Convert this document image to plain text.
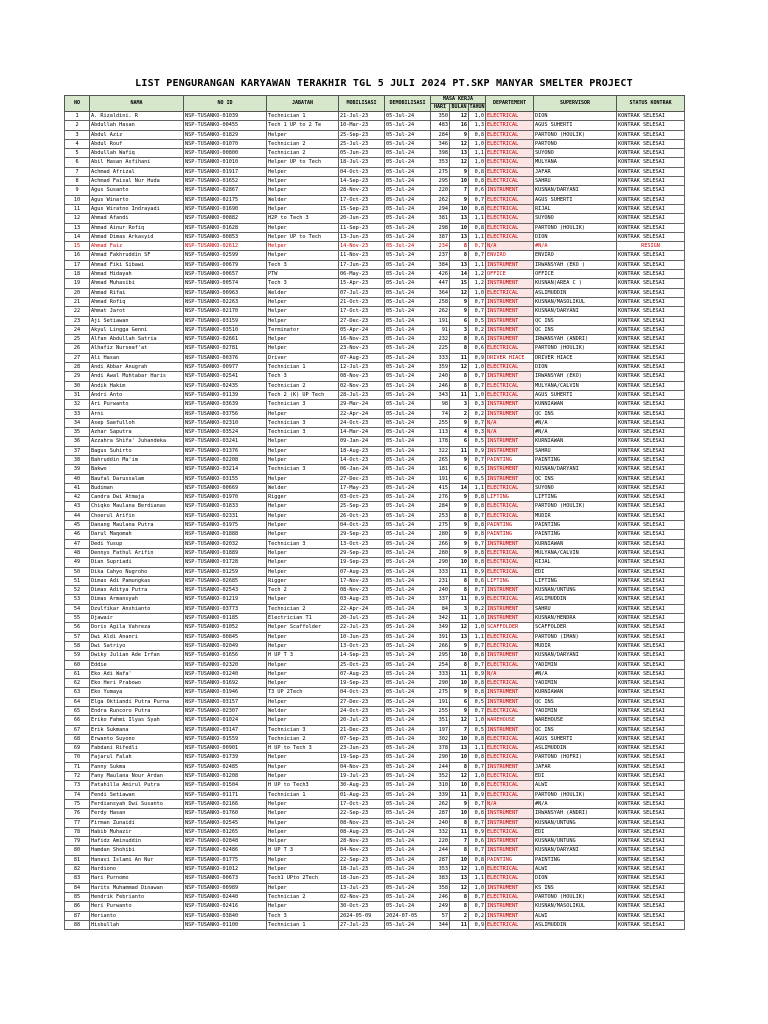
LIST PENGURANGAN KARYAWAN TERAKHIR TGL 5 JULI 2024 PT.SKP MANYAR SMELTER PROJECT
NO	NAMA	NO ID	JABATAN	MOBILISASI	DEMOBILISASI	MASA KERJA			DEPARTEMENT	SUPERVISOR	STATUS KONTRAK
						HARI	BULAN	TAHUN			
1	A. Rizaldini. R	NSP-TUSANKO-01039	Technician 1	21-Jul-23	05-Jul-24	350	12	1,0	ELECTRICAL	DION	KONTRAK SELESAI
2	Abdullah Hasan	NSP-TUSANKO-00455	Tech 1 UP to 2 Te	10-Mar-23	05-Jul-24	483	16	1,3	ELECTRICAL	AGUS SUHERTI	KONTRAK SELESAI
3	Abdul Aziz	NSP-TUSANKO-01829	Helper	25-Sep-23	05-Jul-24	284	9	0,8	ELECTRICAL	PARTONO (HOULIK)	KONTRAK SELESAI
4	Abdul Rouf	NSP-TUSANKO-01070	Technician 2	25-Jul-23	05-Jul-24	346	12	1,0	ELECTRICAL	PARTONO	KONTRAK SELESAI
5	Abdullah Wafiq	NSP-TUSANKO-00800	Technician 2	05-Jun-23	05-Jul-24	398	13	1,1	ELECTRICAL	SUYONO	KONTRAK SELESAI
6	Abil Hasan Asfihani	NSP-TUSANKO-01010	Helper UP to Tech	18-Jul-23	05-Jul-24	353	12	1,0	ELECTRICAL	MULYANA	KONTRAK SELESAI
7	Achmad Afrizal	NSP-TUSANKO-01917	Helper	04-Oct-23	05-Jul-24	275	9	0,8	ELECTRICAL	JAFAR	KONTRAK SELESAI
8	Achmad Faisal Nur Huda	NSP-TUSANKO-01652	Helper	14-Sep-23	05-Jul-24	295	10	0,8	ELECTRICAL	SAHRU	KONTRAK SELESAI
9	Agus Susanto	NSP-TUSANKO-02867	Helper	28-Nov-23	05-Jul-24	220	7	0,6	INSTRUMENT	KUSNAN/DARYANI	KONTRAK SELESAI
10	Agus Winarto	NSP-TUSANKO-02175	Welder	17-Oct-23	05-Jul-24	262	9	0,7	ELECTRICAL	AGUS SUHERTI	KONTRAK SELESAI
11	Agus Wiratno Indrayadi	NSP-TUSANKO-01690	Helper	15-Sep-23	05-Jul-24	294	10	0,8	ELECTRICAL	RIJAL	KONTRAK SELESAI
12	Ahmad Afandi	NSP-TUSANKO-00882	H2P to Tech 3	20-Jun-23	05-Jul-24	381	13	1,1	ELECTRICAL	SUYONO	KONTRAK SELESAI
13	Ahmad Ainur Rofiq	NSP-TUSANKO-01628	Helper	11-Sep-23	05-Jul-24	298	10	0,8	ELECTRICAL	PARTONO (HOULIK)	KONTRAK SELESAI
14	Ahmad Dimas Arkasyid	NSP-TUSANKO-00853	Helper UP to Tech	13-Jun-23	05-Jul-24	387	13	1,1	ELECTRICAL	DION	KONTRAK SELESAI
15	Ahmad Faiz	NSP-TUSANKO-02612	Helper	14-Nov-23	05-Jul-24	234	8	0,7	N/A	#N/A	RESIGN
16	Ahmad Fakhruddin SF	NSP-TUSANKO-02599	Helper	11-Nov-23	05-Jul-24	237	8	0,7	ENVIRO	ENVIRO	KONTRAK SELESAI
17	Ahmad Fiki Sibawi	NSP-TUSANKO-00679	Tech 3	17-Jun-23	05-Jul-24	384	13	1,1	INSTRUMENT	IRWANSYAH (EKO )	KONTRAK SELESAI
18	Ahmad Hidayah	NSP-TUSANKO-00657	PTW	06-May-23	05-Jul-24	426	14	1,2	OFFICE	OFFICE	KONTRAK SELESAI
19	Ahmad Muhasibi	NSP-TUSANKO-00574	Tech 3	15-Apr-23	05-Jul-24	447	15	1,2	INSTRUMENT	KUSNAN(AREA C )	KONTRAK SELESAI
20	Ahmad Rifai	NSP-TUSANKO-00963	Welder	07-Jul-23	05-Jul-24	364	12	1,0	ELECTRICAL	ASLIMUDDIN	KONTRAK SELESAI
21	Ahmad Rofiq	NSP-TUSANKO-02263	Helper	21-Oct-23	05-Jul-24	258	9	0,7	INSTRUMENT	KUSNAN/MASOLIKUL	KONTRAK SELESAI
22	Ahmat Jarot	NSP-TUSANKO-02170	Helper	17-Oct-23	05-Jul-24	262	9	0,7	INSTRUMENT	KUSNAN/DARYANI	KONTRAK SELESAI
23	Aji Setiawan	NSP-TUSANKO-03159	Helper	27-Dec-23	05-Jul-24	191	6	0,5	INSTRUMENT	QC INS	KONTRAK SELESAI
24	Akyul Lingga Genni	NSP-TUSANKO-03510	Terminator	05-Apr-24	05-Jul-24	91	3	0,2	INSTRUMENT	QC INS	KONTRAK SELESAI
25	Alfan Abdullah Satria	NSP-TUSANKO-02661	Helper	16-Nov-23	05-Jul-24	232	8	0,6	INSTRUMENT	IRWANSYAH (ANDRI)	KONTRAK SELESAI
26	Alhafiz Nurseaf'at	NSP-TUSANKO-02781	Helper	23-Nov-23	05-Jul-24	225	8	0,6	ELECTRICAL	PARTONO (HOULIK)	KONTRAK SELESAI
27	Ali Hasan	NSP-TUSANKO-00376	Driver	07-Aug-23	05-Jul-24	333	11	0,9	DRIVER HIACE	DRIVER HIACE	KONTRAK SELESAI
28	Andi Abbar Anugrah	NSP-TUSANKO-00977	Technician 1	12-Jul-23	05-Jul-24	359	12	1,0	ELECTRICAL	DION	KONTRAK SELESAI
29	Andi Awal Muhtabar Haris	NSP-TUSANKO-02541	Tech 3	08-Nov-23	05-Jul-24	240	8	0,7	INSTRUMENT	IRWANSYAH (EKO)	KONTRAK SELESAI
30	Andik Hakim	NSP-TUSANKO-02435	Technician 2	02-Nov-23	05-Jul-24	246	8	0,7	ELECTRICAL	MULYANA/CALVIN	KONTRAK SELESAI
31	Andri Anto	NSP-TUSANKO-01139	Tech 2 (K) UP Tech	28-Jul-23	05-Jul-24	343	11	1,0	ELECTRICAL	AGUS SUHERTI	KONTRAK SELESAI
32	Ari Purwanto	NSP-TUSANKO-03639	Technician 3	29-Mar-24	05-Jul-24	98	3	0,3	INSTRUMENT	KUNNIAWAN	KONTRAK SELESAI
33	Arni	NSP-TUSANKO-03756	Helper	22-Apr-24	05-Jul-24	74	2	0,2	INSTRUMENT	QC INS	KONTRAK SELESAI
34	Asep Saefulloh	NSP-TUSANKO-02310	Technician 3	24-Oct-23	05-Jul-24	255	9	0,7	N/A	#N/A	KONTRAK SELESAI
35	Azhar Saputra	NSP-TUSANKO-03524	Technician 3	14-Mar-24	05-Jul-24	113	4	0,3	N/A	#N/A	KONTRAK SELESAI
36	Azzahra Shifa' Juhandeka	NSP-TUSANKO-03241	Helper	09-Jan-24	05-Jul-24	178	6	0,5	INSTRUMENT	KURNIAWAN	KONTRAK SELESAI
37	Bagus Suhirto	NSP-TUSANKO-01376	Helper	18-Aug-23	05-Jul-24	322	11	0,9	INSTRUMENT	SAHRU	KONTRAK SELESAI
38	Bahruddin Ma'im	NSP-TUSANKO-02208	Helper	14-Oct-23	05-Jul-24	265	9	0,7	PAINTING	PAINTING	KONTRAK SELESAI
39	Bakwo	NSP-TUSANKO-03214	Technician 3	06-Jan-24	05-Jul-24	181	6	0,5	INSTRUMENT	KUSNAN/DARYANI	KONTRAK SELESAI
40	Baufal Darussalam	NSP-TUSANKO-03155	Helper	27-Dec-23	05-Jul-24	191	6	0,5	INSTRUMENT	QC INS	KONTRAK SELESAI
41	Budiman	NSP-TUSANKO-00669	Welder	17-May-23	05-Jul-24	415	14	1,1	ELECTRICAL	SUYONO	KONTRAK SELESAI
42	Candra Dwi Atmaja	NSP-TUSANKO-01970	Rigger	03-Oct-23	05-Jul-24	276	9	0,8	LIFTING	LIFTING	KONTRAK SELESAI
43	Chiqko Maulana Berdianas	NSP-TUSANKO-01833	Helper	25-Sep-23	05-Jul-24	284	9	0,8	ELECTRICAL	PARTONO (HOULIK)	KONTRAK SELESAI
44	Choerul Arifin	NSP-TUSANKO-02331	Helper	26-Oct-23	05-Jul-24	253	8	0,7	ELECTRICAL	MUDIR	KONTRAK SELESAI
45	Danang Maulana Putra	NSP-TUSANKO-01975	Helper	04-Oct-23	05-Jul-24	275	9	0,8	PAINTING	PAINTING	KONTRAK SELESAI
46	Darul Maqomah	NSP-TUSANKO-01888	Helper	29-Sep-23	05-Jul-24	280	9	0,8	PAINTING	PAINTING	KONTRAK SELESAI
47	Dedi Yusup	NSP-TUSANKO-02032	Technician 3	13-Oct-23	05-Jul-24	266	9	0,7	INSTRUMENT	KURNIAWAN	KONTRAK SELESAI
48	Dennys Fathul Arifin	NSP-TUSANKO-01889	Helper	29-Sep-23	05-Jul-24	280	9	0,8	ELECTRICAL	MULYANA/CALVIN	KONTRAK SELESAI
49	Dian Supriadi	NSP-TUSANKO-01728	Helper	19-Sep-23	05-Jul-24	290	10	0,8	ELECTRICAL	RIJAL	KONTRAK SELESAI
50	Dika Cahyo Nugroho	NSP-TUSANKO-01259	Helper	07-Aug-23	05-Jul-24	333	11	0,9	ELECTRICAL	EDI	KONTRAK SELESAI
51	Dimas Adi Pamungkas	NSP-TUSANKO-02685	Rigger	17-Nov-23	05-Jul-24	231	8	0,6	LIFTING	LIFTING	KONTRAK SELESAI
52	Dimas Aditya Putra	NSP-TUSANKO-02543	Tech 2	08-Nov-23	05-Jul-24	240	8	0,7	INSTRUMENT	KUSNAN/UNTUNG	KONTRAK SELESAI
53	Dimas Armansyah	NSP-TUSANKO-01219	Helper	03-Aug-23	05-Jul-24	337	11	0,9	ELECTRICAL	ASLIMUDDIN	KONTRAK SELESAI
54	Dzulfikar Anshianto	NSP-TUSANKO-03773	Technician 2	22-Apr-24	05-Jul-24	84	3	0,2	INSTRUMENT	SAHRU	KONTRAK SELESAI
55	Djawair	NSP-TUSANKO-01185	Electrician T1	20-Jul-23	05-Jul-24	342	11	1,0	INSTRUMENT	KUSNAN/HENDRA	KONTRAK SELESAI
56	Doris Agila Vahreza	NSP-TUSANKO-01052	Helper Scaffolder	22-Jul-23	05-Jul-24	349	12	1,0	SCAFFOLDER	SCAFFOLDER	KONTRAK SELESAI
57	Dwi Aldi Ananri	NSP-TUSANKO-00845	Helper	10-Jun-23	05-Jul-24	391	13	1,1	ELECTRICAL	PARTONO (IMAN)	KONTRAK SELESAI
58	Dwi Satriyo	NSP-TUSANKO-02049	Helper	13-Oct-23	05-Jul-24	266	9	0,7	ELECTRICAL	MUDIR	KONTRAK SELESAI
59	Dwiky Julian Ade Irfan	NSP-TUSANKO-01656	H UP T 3	14-Sep-23	05-Jul-24	295	10	0,8	INSTRUMENT	KUSNAN/DARYANI	KONTRAK SELESAI
60	Eddie	NSP-TUSANKO-02320	Helper	25-Oct-23	05-Jul-24	254	8	0,7	ELECTRICAL	YADIMIN	KONTRAK SELESAI
61	Eko Adi Wafa'	NSP-TUSANKO-01240	Helper	07-Aug-23	05-Jul-24	333	11	0,9	N/A	#N/A	KONTRAK SELESAI
62	Eko Heri Prabowo	NSP-TUSANKO-01692	Helper	19-Sep-23	05-Jul-24	290	10	0,8	ELECTRICAL	YADIMIN	KONTRAK SELESAI
63	Eko Yumaya	NSP-TUSANKO-01946	T3 UP 2Tech	04-Oct-23	05-Jul-24	275	9	0,8	INSTRUMENT	KURNIAWAN	KONTRAK SELESAI
64	Elga Oktiandi Putra Purna	NSP-TUSANKO-03157	Helper	27-Dec-23	05-Jul-24	191	6	0,5	INSTRUMENT	QC INS	KONTRAK SELESAI
65	Endra Runcoro Putra	NSP-TUSANKO-02307	Welder	24-Oct-23	05-Jul-24	255	9	0,7	ELECTRICAL	YADIMIN	KONTRAK SELESAI
66	Eriko Fahmi Ilyas Syah	NSP-TUSANKO-01024	Helper	20-Jul-23	05-Jul-24	351	12	1,0	WAREHOUSE	WAREHOUSE	KONTRAK SELESAI
67	Erik Sukmana	NSP-TUSANKO-03147	Technician 3	21-Dec-23	05-Jul-24	197	7	0,5	INSTRUMENT	QC INS	KONTRAK SELESAI
68	Erwanto Suyono	NSP-TUSANKO-01559	Technician 2	07-Sep-23	05-Jul-24	302	10	0,8	ELECTRICAL	AGUS SUHERTI	KONTRAK SELESAI
69	Fabdani Rifedli	NSP-TUSANKO-00901	H UP to Tech 3	23-Jun-23	05-Jul-24	378	13	1,1	ELECTRICAL	ASLIMUDDIN	KONTRAK SELESAI
70	Fajarul Falah	NSP-TUSANKO-01739	Helper	19-Sep-23	05-Jul-24	290	10	0,8	ELECTRICAL	PARTONO (HOFRI)	KONTRAK SELESAI
71	Fanny Sukma	NSP-TUSANKO-02485	Helper	04-Nov-23	05-Jul-24	244	8	0,7	INSTRUMENT	JAFAR	KONTRAK SELESAI
72	Fany Maulana Nour Ardan	NSP-TUSANKO-01208	Helper	19-Jul-23	05-Jul-24	352	12	1,0	ELECTRICAL	EDI	KONTRAK SELESAI
73	Fatahilla Amirul Putra	NSP-TUSANKO-01504	H UP to Tech3	30-Aug-23	05-Jul-24	310	10	0,8	ELECTRICAL	ALWI	KONTRAK SELESAI
74	Fendi Setiawan	NSP-TUSANKO-01171	Technician 1	01-Aug-23	05-Jul-24	339	11	0,9	ELECTRICAL	PARTONO (HOULIK)	KONTRAK SELESAI
75	Ferdiansyah Dwi Susanto	NSP-TUSANKO-02166	Helper	17-Oct-23	05-Jul-24	262	9	0,7	N/A	#N/A	KONTRAK SELESAI
76	Ferdy Hasan	NSP-TUSANKO-01760	Helper	22-Sep-23	05-Jul-24	287	10	0,8	INSTRUMENT	IRWANSYAH (ANDRI)	KONTRAK SELESAI
77	Firman Zunaidi	NSP-TUSANKO-02545	Helper	08-Nov-23	05-Jul-24	240	8	0,7	INSTRUMENT	KUSNAN/UNTUNG	KONTRAK SELESAI
78	Habib Muhazir	NSP-TUSANKO-01265	Helper	08-Aug-23	05-Jul-24	332	11	0,9	ELECTRICAL	EDI	KONTRAK SELESAI
79	Hafidz Aminuddin	NSP-TUSANKO-02848	Helper	28-Nov-23	05-Jul-24	220	7	0,6	INSTRUMENT	KUSNAN/UNTUNG	KONTRAK SELESAI
80	Hamdan Shohibi	NSP-TUSANKO-02486	H UP T 3	04-Nov-23	05-Jul-24	244	8	0,7	INSTRUMENT	KUSNAN/DARYANI	KONTRAK SELESAI
81	Hanavi Islami An Nur	NSP-TUSANKO-01775	Helper	22-Sep-23	05-Jul-24	287	10	0,8	PAINTING	PAINTING	KONTRAK SELESAI
82	Hardiono	NSP-TUSANKO-01012	Helper	18-Jul-23	05-Jul-24	353	12	1,0	ELECTRICAL	ALWI	KONTRAK SELESAI
83	Hari Purnomo	NSP-TUSANKO-00673	Tech1 UPto 2Tech	18-Jun-23	05-Jul-24	383	13	1,1	ELECTRICAL	DION	KONTRAK SELESAI
84	Harits Muhammad Dinawan	NSP-TUSANKO-00989	Helper	13-Jul-23	05-Jul-24	358	12	1,0	INSTRUMENT	KS INS	KONTRAK SELESAI
85	Hendrik Febrianto	NSP-TUSANKO-02440	Technician 2	02-Nov-23	05-Jul-24	246	8	0,7	ELECTRICAL	PARTONO (HOULIK)	KONTRAK SELESAI
86	Heri Purwanto	NSP-TUSANKO-02416	Helper	30-Oct-23	05-Jul-24	249	8	0,7	INSTRUMENT	KUSNAN/MASOLIKUL	KONTRAK SELESAI
87	Herianto	NSP-TUSANKO-03840	Tech 3	2024-05-09	2024-07-05	57	2	0,2	INSTRUMENT	ALWI	KONTRAK SELESAI
88	Hisbullah	NSP-TUSANKO-01100	Technician 1	27-Jul-23	05-Jul-24	344	11	0,9	ELECTRICAL	ASLIMUDDIN	KONTRAK SELESAI
